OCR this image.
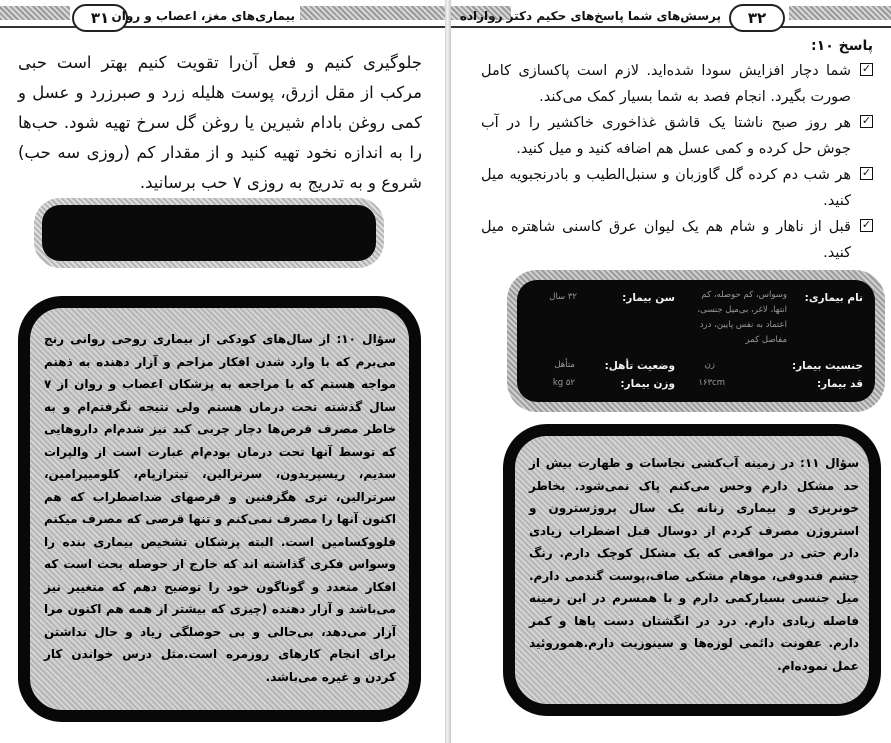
۳۱ بیماری‌های مغز، اعصاب و روان
جلوگیری کنیم و فعل آن‌را تقویت کنیم بهتر است حبی مرکب از مقل ازرق، پوست هلیله زرد و صبرزرد و عسل و کمی روغن بادام شیرین یا روغن گل سرخ تهیه شود. حب‌ها را به اندازه نخود تهیه کنید و از مقدار کم (روزی سه حب) شروع و به تدریج به روزی ۷ حب برسانید.
سؤال ۱۰: از سال‌های کودکی از بیماری روحی روانی رنج می‌برم که با وارد شدن افکار مزاحم و آزار دهنده به ذهنم مواجه هستم که با مراجعه به پزشکان اعصاب و روان از ۷ سال گذشته تحت درمان هستم ولی نتیجه نگرفتم‌ام و به خاطر مصرف قرص‌ها دچار چربی کبد نیز شدم‌ام داروهایی که توسط آنها تحت درمان بودم‌ام عبارت است از والپرات سدیم، ریسپریدون، سرترالین، تیترازپام، کلومیپرامین، سرترالین، تری هگزفنین و قرصهای ضداضطراب که هم اکنون آنها را مصرف نمی‌کنم و تنها قرصی که مصرف میکنم فلووکسامین است. البته پزشکان تشخیص بیماری بنده را وسواس فکری گذاشته اند که خارج از حوصله بحث است که افکار متعدد و گوناگون خود را توضیح دهم که متغییر نیز می‌باشد و آزار دهنده (چیزی که بیشتر از همه هم اکنون مرا آزار می‌دهد، بی‌حالی و بی حوصلگی زیاد و حال نداشتن برای انجام کارهای روزمره است.مثل درس خواندن کار کردن و غیره می‌باشد.
۳۲
پرسش‌های شما پاسخ‌های حکیم دکتر روازاده
پاسخ ۱۰:
✓
شما دچار افزایش سودا شده‌اید. لازم است پاکسازی کامل صورت بگیرد. انجام فصد به شما بسیار کمک می‌کند.
✓
هر روز صبح ناشتا یک قاشق غذاخوری خاکشیر را در آب جوش حل کرده و کمی عسل هم اضافه کنید و میل کنید.
✓
هر شب دم کرده گل گاوزبان و سنبل‌الطیب و بادرنجبویه میل کنید.
✓
قبل از ناهار و شام هم یک لیوان عرق کاسنی شاهتره میل کنید.
نام بیماری:
وسواس، کم حوصله، کم انتها، لاغر، بی‌میل جنسی، اعتماد به نفس پایین، درد مفاصل کمر
سن بیمار:
۳۲ سال
جنسیت بیمار:
زن
وضعیت تأهل:
متأهل
قد بیمار:
۱۶۳cm
وزن بیمار:
۵۲ kg
سؤال ۱۱: در زمینه آب‌کشی نجاسات و طهارت بیش از حد مشکل دارم وحس می‌کنم پاک نمی‌شود. بخاطر خونریزی و بیماری زنانه یک سال پروژسترون و استروژن مصرف کردم از دوسال قبل اضطراب زیادی دارم حتی در مواقعی که یک مشکل کوچک دارم. رنگ چشم فندوقی، موهام مشکی صاف،پوست گندمی دارم. میل جنسی بسیارکمی دارم و با همسرم در این زمینه فاصله زیادی دارم. درد در انگشتان دست پاها و کمر دارم. عفونت دائمی لوزه‌ها و سینوزیت دارم.هموروئید عمل نموده‌ام.
